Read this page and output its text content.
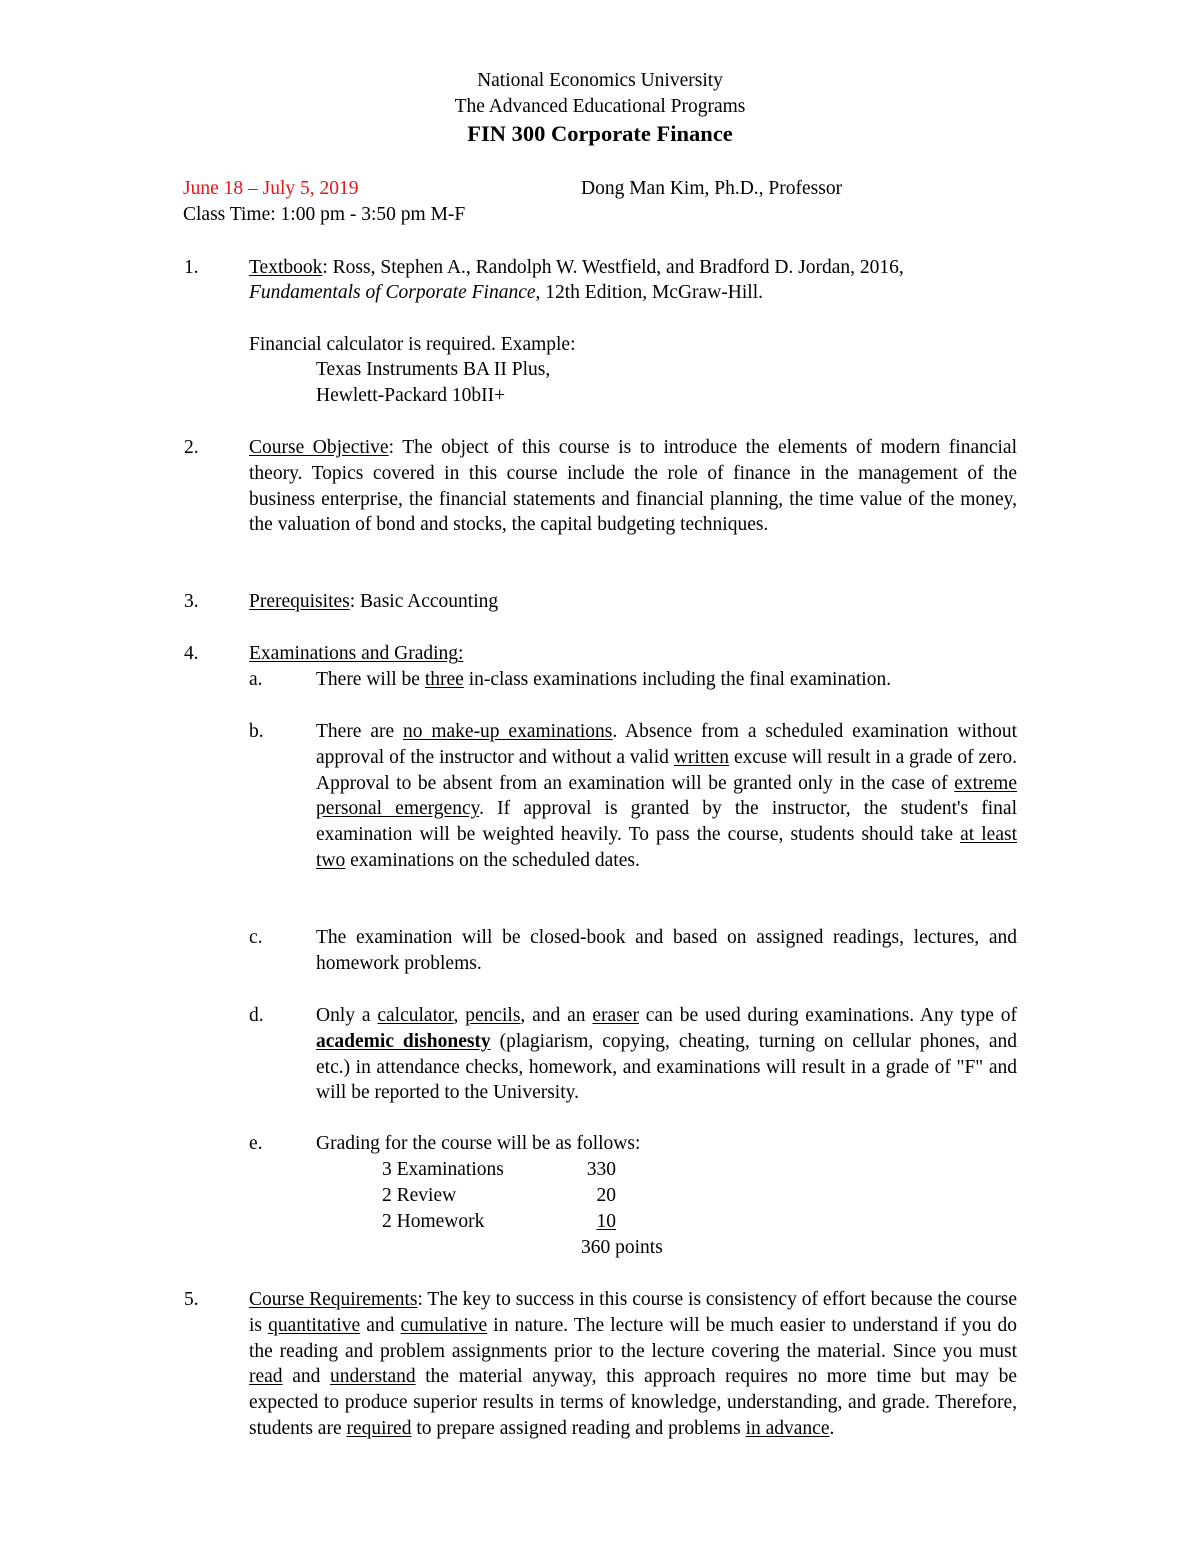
National Economics University
The Advanced Educational Programs
FIN 300 Corporate Finance
June 18 – July 5, 2019	Dong Man Kim, Ph.D., Professor
Class Time: 1:00 pm - 3:50 pm M-F
1.	Textbook: Ross, Stephen A., Randolph W. Westfield, and Bradford D. Jordan, 2016,
Fundamentals of Corporate Finance, 12th Edition, McGraw-Hill.
Financial calculator is required. Example:
Texas Instruments BA II Plus,
Hewlett-Packard 10bII+
2.	Course Objective: The object of this course is to introduce the elements of modern financial theory. Topics covered in this course include the role of finance in the management of the business enterprise, the financial statements and financial planning, the time value of the money, the valuation of bond and stocks, the capital budgeting techniques.
3.	Prerequisites: Basic Accounting
4.	Examinations and Grading:
a.	There will be three in-class examinations including the final examination.
b.	There are no make-up examinations. Absence from a scheduled examination without approval of the instructor and without a valid written excuse will result in a grade of zero. Approval to be absent from an examination will be granted only in the case of extreme personal emergency. If approval is granted by the instructor, the student's final examination will be weighted heavily. To pass the course, students should take at least two examinations on the scheduled dates.
c.	The examination will be closed-book and based on assigned readings, lectures, and homework problems.
d.	Only a calculator, pencils, and an eraser can be used during examinations. Any type of academic dishonesty (plagiarism, copying, cheating, turning on cellular phones, and etc.) in attendance checks, homework, and examinations will result in a grade of "F" and will be reported to the University.
e.	Grading for the course will be as follows:
3 Examinations	330
2 Review	20
2 Homework	10
360 points
5.	Course Requirements: The key to success in this course is consistency of effort because the course is quantitative and cumulative in nature. The lecture will be much easier to understand if you do the reading and problem assignments prior to the lecture covering the material. Since you must read and understand the material anyway, this approach requires no more time but may be expected to produce superior results in terms of knowledge, understanding, and grade. Therefore, students are required to prepare assigned reading and problems in advance.
